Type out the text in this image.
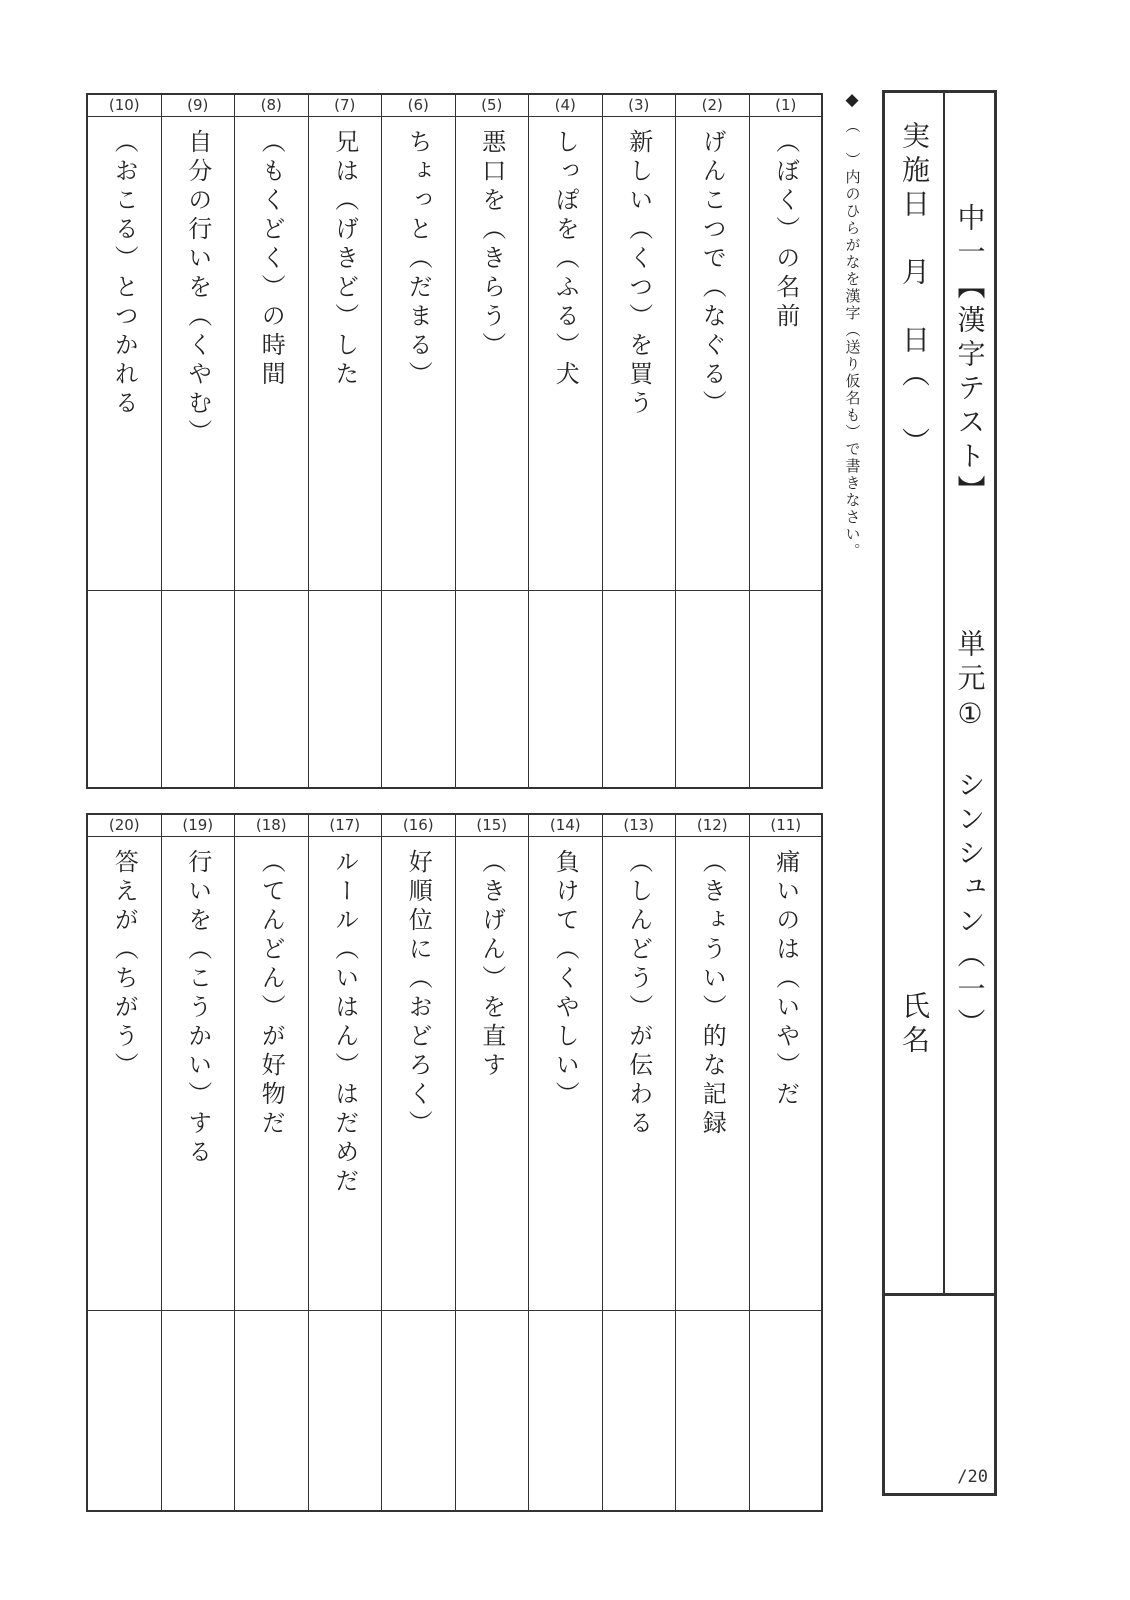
(1)
（ぼく）の名前
(2)
げんこつで（なぐる）
(3)
新しい（くつ）を買う
(4)
しっぽを（ふる）犬
(5)
悪口を（きらう）
(6)
ちょっと（だまる）
(7)
兄は（げきど）した
(8)
（もくどく）の時間
(9)
自分の行いを（くやむ）
(10)
（おこる）とつかれる
(11)
痛いのは（いや）だ
(12)
（きょうい）的な記録
(13)
（しんどう）が伝わる
(14)
負けて（くやしい）
(15)
（きげん）を直す
(16)
好順位に（おどろく）
(17)
ルール（いはん）はだめだ
(18)
（てんどん）が好物だ
(19)
行いを（こうかい）する
(20)
答えが（ちがう）
◆
（　）内のひらがなを漢字（送り仮名も）で書きなさい。	中一【漢字テスト】
単元①　シンシュン（一）
実施日　月　日（　）
氏名
/20
